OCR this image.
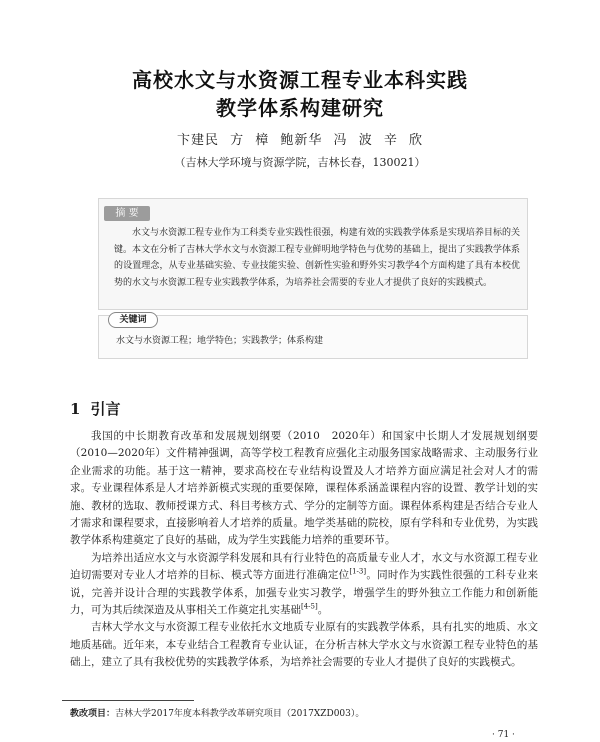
高校水文与水资源工程专业本科实践
教学体系构建研究
卞建民 方 樟 鲍新华 冯 波 辛 欣
（吉林大学环境与资源学院，吉林长春，130021）
摘 要

水文与水资源工程专业作为工科类专业实践性很强，构建有效的实践教学体系是实现培养目标的关键。本文在分析了吉林大学水文与水资源工程专业鲜明地学特色与优势的基础上，提出了实践教学体系的设置理念，从专业基础实验、专业技能实验、创新性实验和野外实习教学4个方面构建了具有本校优势的水文与水资源工程专业实践教学体系，为培养社会需要的专业人才提供了良好的实践模式。

关键词
水文与水资源工程；地学特色；实践教学；体系构建
1 引言

我国的中长期教育改革和发展规划纲要（2010　2020年）和国家中长期人才发展规划纲要（2010—2020年）文件精神强调，高等学校工程教育应强化主动服务国家战略需求、主动服务行业企业需求的功能。基于这一精神，要求高校在专业结构设置及人才培养方面应满足社会对人才的需求。专业课程体系是人才培养新模式实现的重要保障，课程体系涵盖课程内容的设置、教学计划的实施、教材的选取、教师授课方式、科目考核方式、学分的定制等方面。课程体系构建是否结合专业人才需求和课程要求，直接影响着人才培养的质量。地学类基础的院校，原有学科和专业优势，为实践教学体系构建奠定了良好的基础，成为学生实践能力培养的重要环节。

为培养出适应水文与水资源学科发展和具有行业特色的高质量专业人才，水文与水资源工程专业迫切需要对专业人才培养的目标、模式等方面进行准确定位[1-3]。同时作为实践性很强的工科专业来说，完善并设计合理的实践教学体系，加强专业实习教学，增强学生的野外独立工作能力和创新能力，可为其后续深造及从事相关工作奠定扎实基础[4-5]。

吉林大学水文与水资源工程专业依托水文地质专业原有的实践教学体系，具有扎实的地质、水文地质基础。近年来，本专业结合工程教育专业认证，在分析吉林大学水文与水资源工程专业特色的基础上，建立了具有我校优势的实践教学体系，为培养社会需要的专业人才提供了良好的实践模式。

教改项目：吉林大学2017年度本科教学改革研究项目（2017XZD003）。
· 71 ·
